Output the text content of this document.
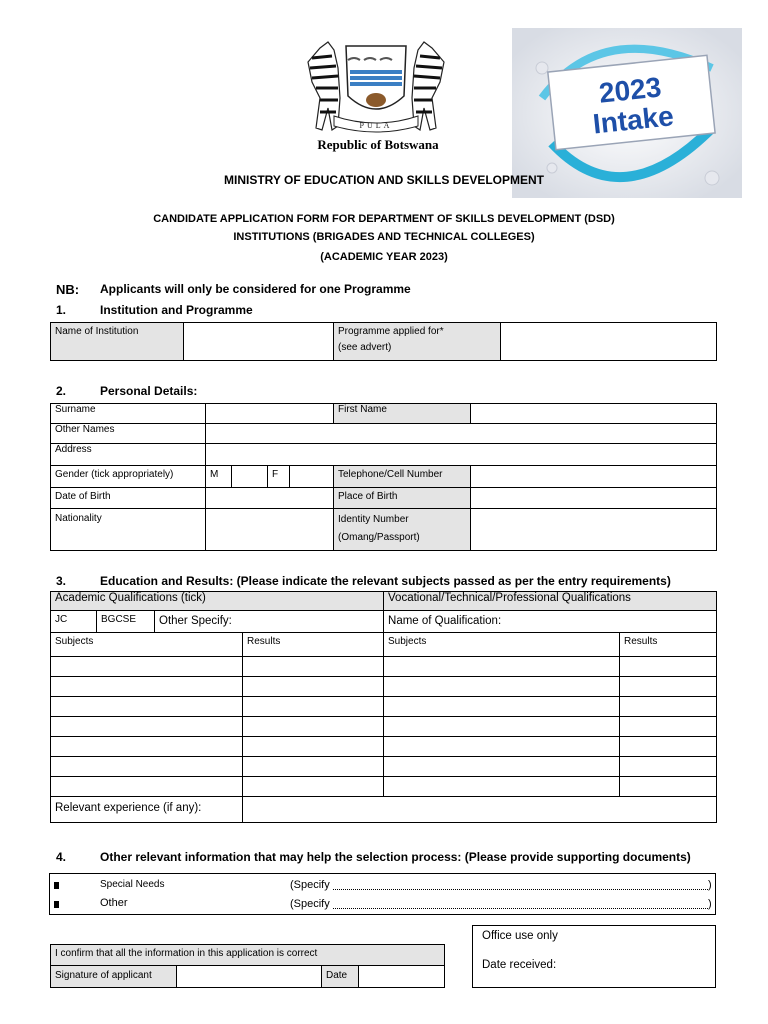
PULA
Republic of Botswana
2023
Intake
MINISTRY OF EDUCATION AND SKILLS DEVELOPMENT
CANDIDATE APPLICATION FORM FOR DEPARTMENT OF SKILLS DEVELOPMENT (DSD)
INSTITUTIONS (BRIGADES AND TECHNICAL COLLEGES)
(ACADEMIC YEAR 2023)
NB: Applicants will only be considered for one Programme
1.	Institution and Programme
Name of Institution		Programme applied for*
(see advert)

2.	Personal Details:
Surname					First Name	
Other Names						
Address						
Gender (tick appropriately)	M		F		Telephone/Cell Number	
Date of Birth					Place of Birth	
Nationality					Identity Number
(Omang/Passport)	

3.	Education and Results: (Please indicate the relevant subjects passed as per the entry requirements)
Academic Qualifications (tick)				Vocational/Technical/Professional Qualifications	
JC	BGCSE	Other Specify:		Name of Qualification:	
Subjects			Results	Subjects	Results

Relevant experience (if any):					
4.	Other relevant information that may help the selection process: (Please provide supporting documents)
Special Needs	(Specify	)
Other	(Specify	)
I confirm that all the information in this application is correct
Signature of applicant		Date	
Office use only
Date received:
